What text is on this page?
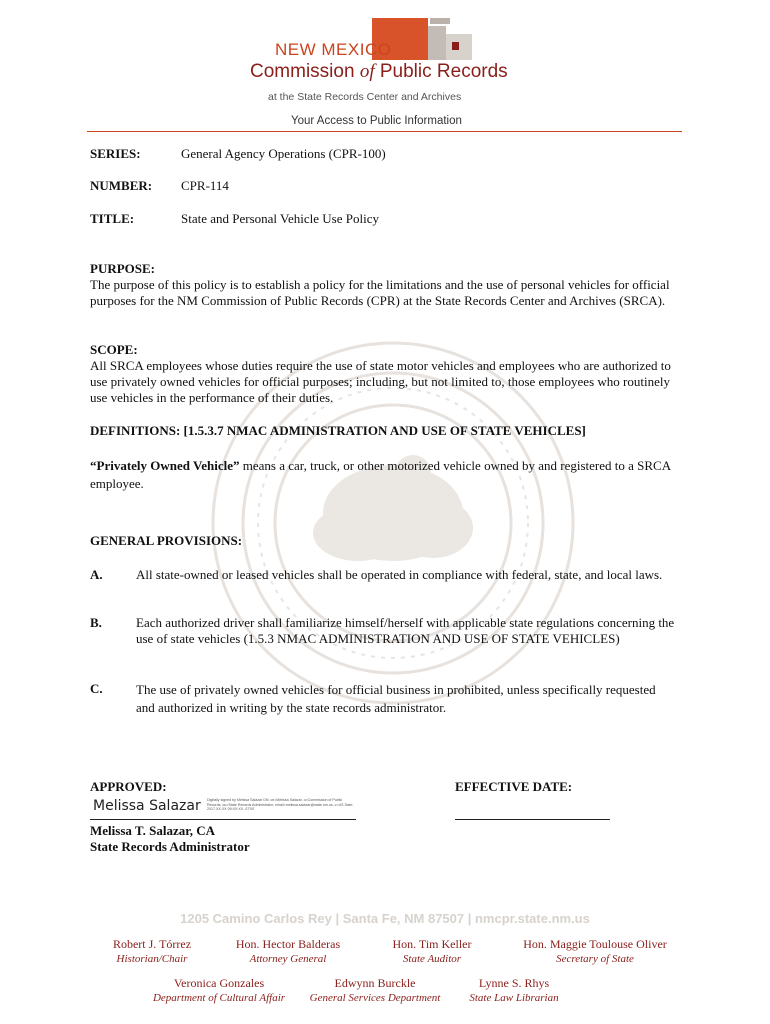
NEW MEXICO
Commission of Public Records
at the State Records Center and Archives
Your Access to Public Information
SERIES:	General Agency Operations (CPR-100)
NUMBER: CPR-114
TITLE:	State and Personal Vehicle Use Policy
PURPOSE:
The purpose of this policy is to establish a policy for the limitations and the use of personal vehicles for official purposes for the NM Commission of Public Records (CPR) at the State Records Center and Archives (SRCA).
SCOPE:
All SRCA employees whose duties require the use of state motor vehicles and employees who are authorized to use privately owned vehicles for official purposes; including, but not limited to, those employees who routinely use vehicles in the performance of their duties.
DEFINITIONS: [1.5.3.7 NMAC ADMINISTRATION AND USE OF STATE VEHICLES]
“Privately Owned Vehicle” means a car, truck, or other motorized vehicle owned by and registered to a SRCA employee.
GENERAL PROVISIONS:
A.	All state-owned or leased vehicles shall be operated in compliance with federal, state, and local laws.
B.	Each authorized driver shall familiarize himself/herself with applicable state regulations concerning the use of state vehicles (1.5.3 NMAC ADMINISTRATION AND USE OF STATE VEHICLES)
C.	The use of privately owned vehicles for official business in prohibited, unless specifically requested and authorized in writing by the state records administrator.
APPROVED:	EFFECTIVE DATE:
Melissa Salazar Digitally signed by Melissa Salazar DN: cn=Melissa Salazar, o=Commission of Public Records, ou=State Records Administrator, email=melissa.salazar@state.nm.us, c=US Date: 2017.XX.XX 09:XX:XX -07'00'
Melissa T. Salazar, CA
State Records Administrator
1205 Camino Carlos Rey | Santa Fe, NM 87507 | nmcpr.state.nm.us
Robert J. Tórrez
Historian/Chair
Hon. Hector Balderas
Attorney General
Hon. Tim Keller
State Auditor
Hon. Maggie Toulouse Oliver
Secretary of State
Veronica Gonzales
Department of Cultural Affair
Edwynn Burckle
General Services Department
Lynne S. Rhys
State Law Librarian
